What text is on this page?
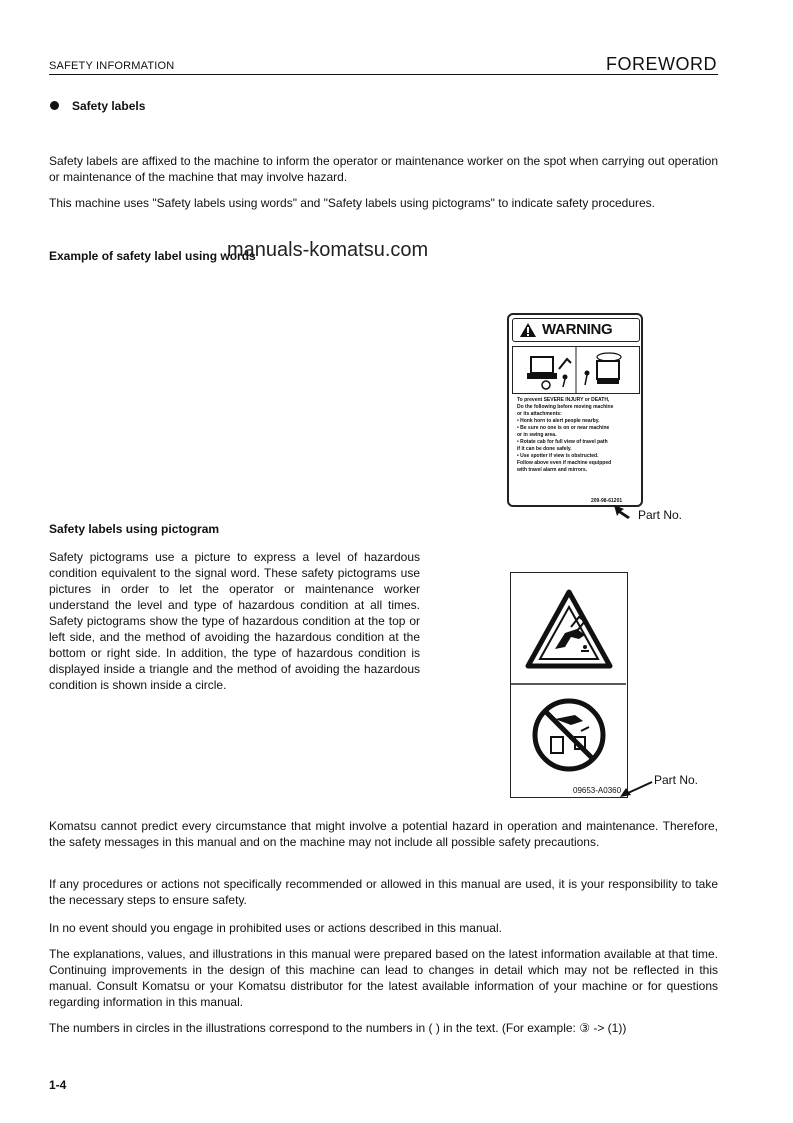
SAFETY INFORMATION	FOREWORD
Safety labels
Safety labels are affixed to the machine to inform the operator or maintenance worker on the spot when carrying out operation or maintenance of the machine that may involve hazard.
This machine uses "Safety labels using words" and "Safety labels using pictograms" to indicate safety procedures.
Example of safety label using words
manuals-komatsu.com
WARNING
To prevent SEVERE INJURY or DEATH,
Do the following before moving machine
or its attachments:
• Honk horn to alert people nearby.
• Be sure no one is on or near machine
or in swing area.
• Rotate cab for full view of travel path
if it can be done safely.
• Use spotter if view is obstructed.
Follow above even if machine equipped
with travel alarm and mirrors.
209-98-61201
Part No.
Safety labels using pictogram
Safety pictograms use a picture to express a level of hazardous condition equivalent to the signal word. These safety pictograms use pictures in order to let the operator or maintenance worker understand the level and type of hazardous condition at all times. Safety pictograms show the type of hazardous condition at the top or left side, and the method of avoiding the hazardous condition at the bottom or right side. In addition, the type of hazardous condition is displayed inside a triangle and the method of avoiding the hazardous condition is shown inside a circle.
09653-A0360
Part No.
Komatsu cannot predict every circumstance that might involve a potential hazard in operation and maintenance. Therefore, the safety messages in this manual and on the machine may not include all possible safety precautions.
If any procedures or actions not specifically recommended or allowed in this manual are used, it is your responsibility to take the necessary steps to ensure safety.
In no event should you engage in prohibited uses or actions described in this manual.
The explanations, values, and illustrations in this manual were prepared based on the latest information available at that time. Continuing improvements in the design of this machine can lead to changes in detail which may not be reflected in this manual. Consult Komatsu or your Komatsu distributor for the latest available information of your machine or for questions regarding information in this manual.
The numbers in circles in the illustrations correspond to the numbers in ( ) in the text. (For example: ③ -> (1))
1-4
